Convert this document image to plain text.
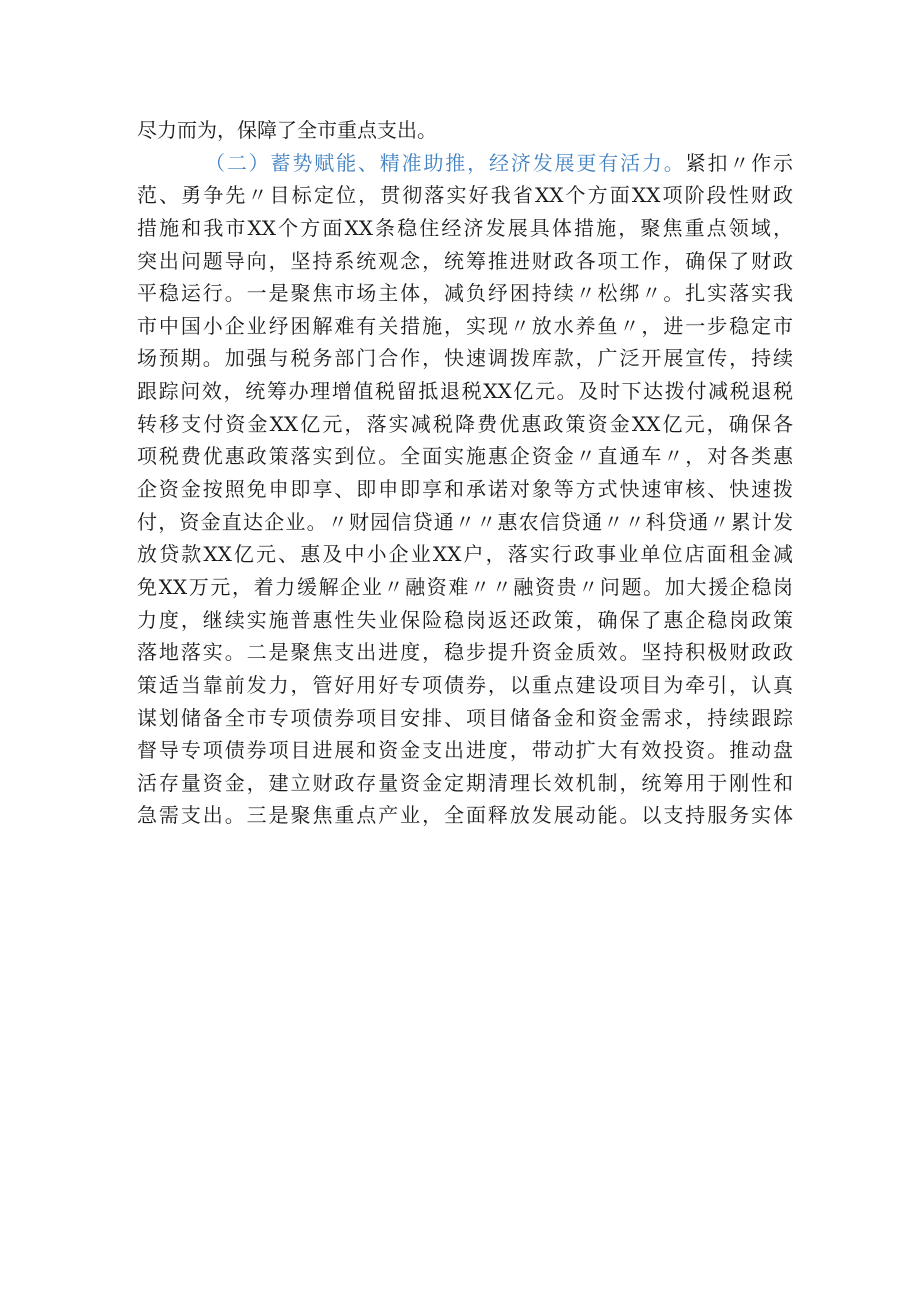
尽力而为，保障了全市重点支出。
（二）蓄势赋能、精准助推，经济发展更有活力。紧扣〃作示
范、勇争先〃目标定位，贯彻落实好我省XX个方面XX项阶段性财政
措施和我市XX个方面XX条稳住经济发展具体措施，聚焦重点领域，
突出问题导向，坚持系统观念，统筹推进财政各项工作，确保了财政
平稳运行。一是聚焦市场主体，减负纾困持续〃松绑〃。扎实落实我
市中国小企业纾困解难有关措施，实现〃放水养鱼〃，进一步稳定市
场预期。加强与税务部门合作，快速调拨库款，广泛开展宣传，持续
跟踪问效，统筹办理增值税留抵退税XX亿元。及时下达拨付减税退税
转移支付资金XX亿元，落实减税降费优惠政策资金XX亿元，确保各
项税费优惠政策落实到位。全面实施惠企资金〃直通车〃，对各类惠
企资金按照免申即享、即申即享和承诺对象等方式快速审核、快速拨
付，资金直达企业。〃财园信贷通〃〃惠农信贷通〃〃科贷通〃累计发
放贷款XX亿元、惠及中小企业XX户，落实行政事业单位店面租金减
免XX万元，着力缓解企业〃融资难〃〃融资贵〃问题。加大援企稳岗
力度，继续实施普惠性失业保险稳岗返还政策，确保了惠企稳岗政策
落地落实。二是聚焦支出进度，稳步提升资金质效。坚持积极财政政
策适当靠前发力，管好用好专项债券，以重点建设项目为牵引，认真
谋划储备全市专项债券项目安排、项目储备金和资金需求，持续跟踪
督导专项债券项目进展和资金支出进度，带动扩大有效投资。推动盘
活存量资金，建立财政存量资金定期清理长效机制，统筹用于刚性和
急需支出。三是聚焦重点产业，全面释放发展动能。以支持服务实体
